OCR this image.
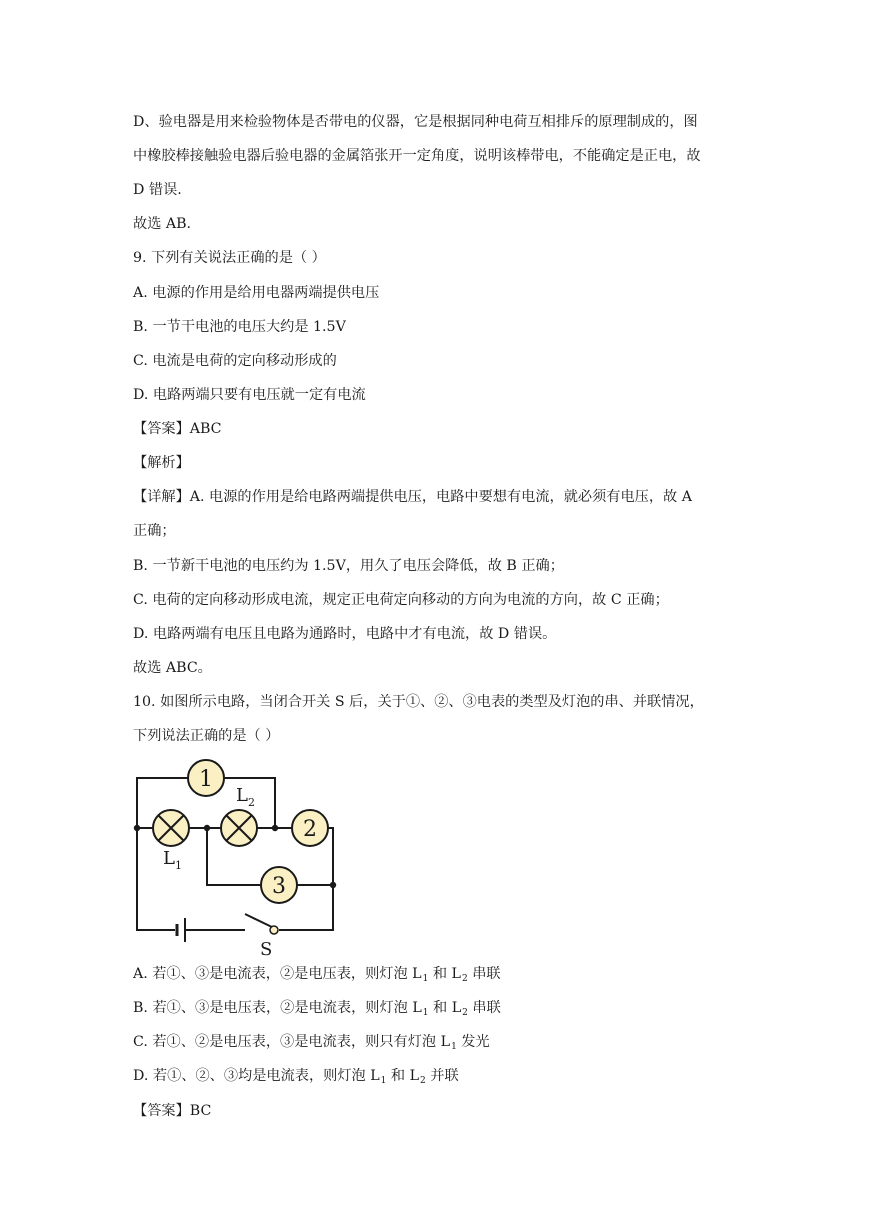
D、验电器是用来检验物体是否带电的仪器，它是根据同种电荷互相排斥的原理制成的，图
中橡胶棒接触验电器后验电器的金属箔张开一定角度，说明该棒带电，不能确定是正电，故
D 错误.
故选 AB.
9. 下列有关说法正确的是（ ）
A. 电源的作用是给用电器两端提供电压
B. 一节干电池的电压大约是 1.5V
C. 电流是电荷的定向移动形成的
D. 电路两端只要有电压就一定有电流
【答案】ABC
【解析】
【详解】A. 电源的作用是给电路两端提供电压，电路中要想有电流，就必须有电压，故 A
正确；
B. 一节新干电池的电压约为 1.5V，用久了电压会降低，故 B 正确；
C. 电荷的定向移动形成电流，规定正电荷定向移动的方向为电流的方向，故 C 正确；
D. 电路两端有电压且电路为通路时，电路中才有电流，故 D 错误。
故选 ABC。
10. 如图所示电路，当闭合开关 S 后，关于①、②、③电表的类型及灯泡的串、并联情况，
下列说法正确的是（ ）
1
2
3
L 1
L 2
S
A. 若①、③是电流表，②是电压表，则灯泡 $L_1$ 和 $L_2$ 串联
B. 若①、③是电压表，②是电流表，则灯泡 $L_1$ 和 $L_2$ 串联
C. 若①、②是电压表，③是电流表，则只有灯泡 $L_1$ 发光
D. 若①、②、③均是电流表，则灯泡 $L_1$ 和 $L_2$ 并联
【答案】BC
